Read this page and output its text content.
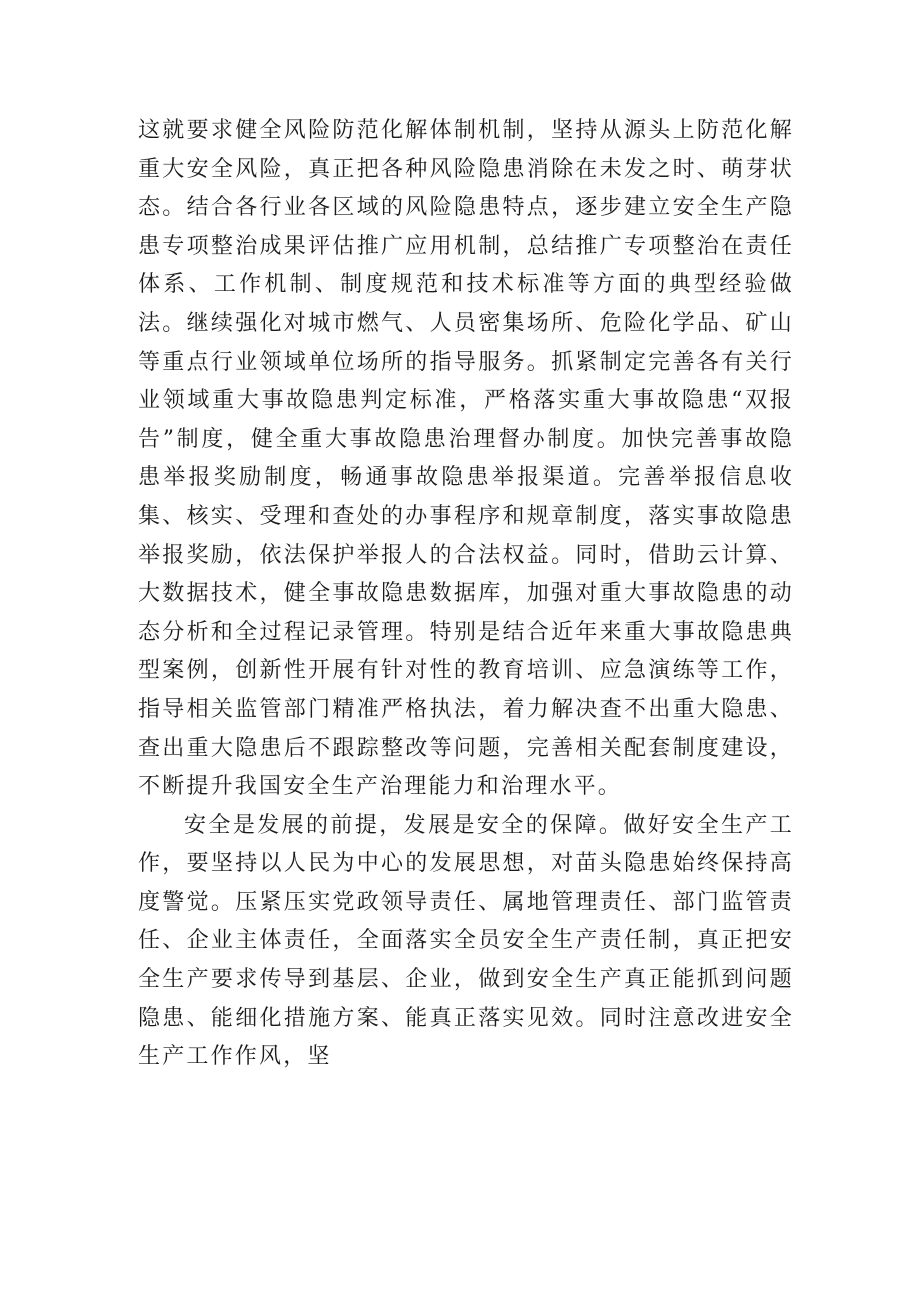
这就要求健全风险防范化解体制机制，坚持从源头上防范化解重大安全风险，真正把各种风险隐患消除在未发之时、萌芽状态。结合各行业各区域的风险隐患特点，逐步建立安全生产隐患专项整治成果评估推广应用机制，总结推广专项整治在责任体系、工作机制、制度规范和技术标准等方面的典型经验做法。继续强化对城市燃气、人员密集场所、危险化学品、矿山等重点行业领域单位场所的指导服务。抓紧制定完善各有关行业领域重大事故隐患判定标准，严格落实重大事故隐患“双报告”制度，健全重大事故隐患治理督办制度。加快完善事故隐患举报奖励制度，畅通事故隐患举报渠道。完善举报信息收集、核实、受理和查处的办事程序和规章制度，落实事故隐患举报奖励，依法保护举报人的合法权益。同时，借助云计算、大数据技术，健全事故隐患数据库，加强对重大事故隐患的动态分析和全过程记录管理。特别是结合近年来重大事故隐患典型案例，创新性开展有针对性的教育培训、应急演练等工作，指导相关监管部门精准严格执法，着力解决查不出重大隐患、查出重大隐患后不跟踪整改等问题，完善相关配套制度建设，不断提升我国安全生产治理能力和治理水平。

安全是发展的前提，发展是安全的保障。做好安全生产工作，要坚持以人民为中心的发展思想，对苗头隐患始终保持高度警觉。压紧压实党政领导责任、属地管理责任、部门监管责任、企业主体责任，全面落实全员安全生产责任制，真正把安全生产要求传导到基层、企业，做到安全生产真正能抓到问题隐患、能细化措施方案、能真正落实见效。同时注意改进安全生产工作作风，坚
